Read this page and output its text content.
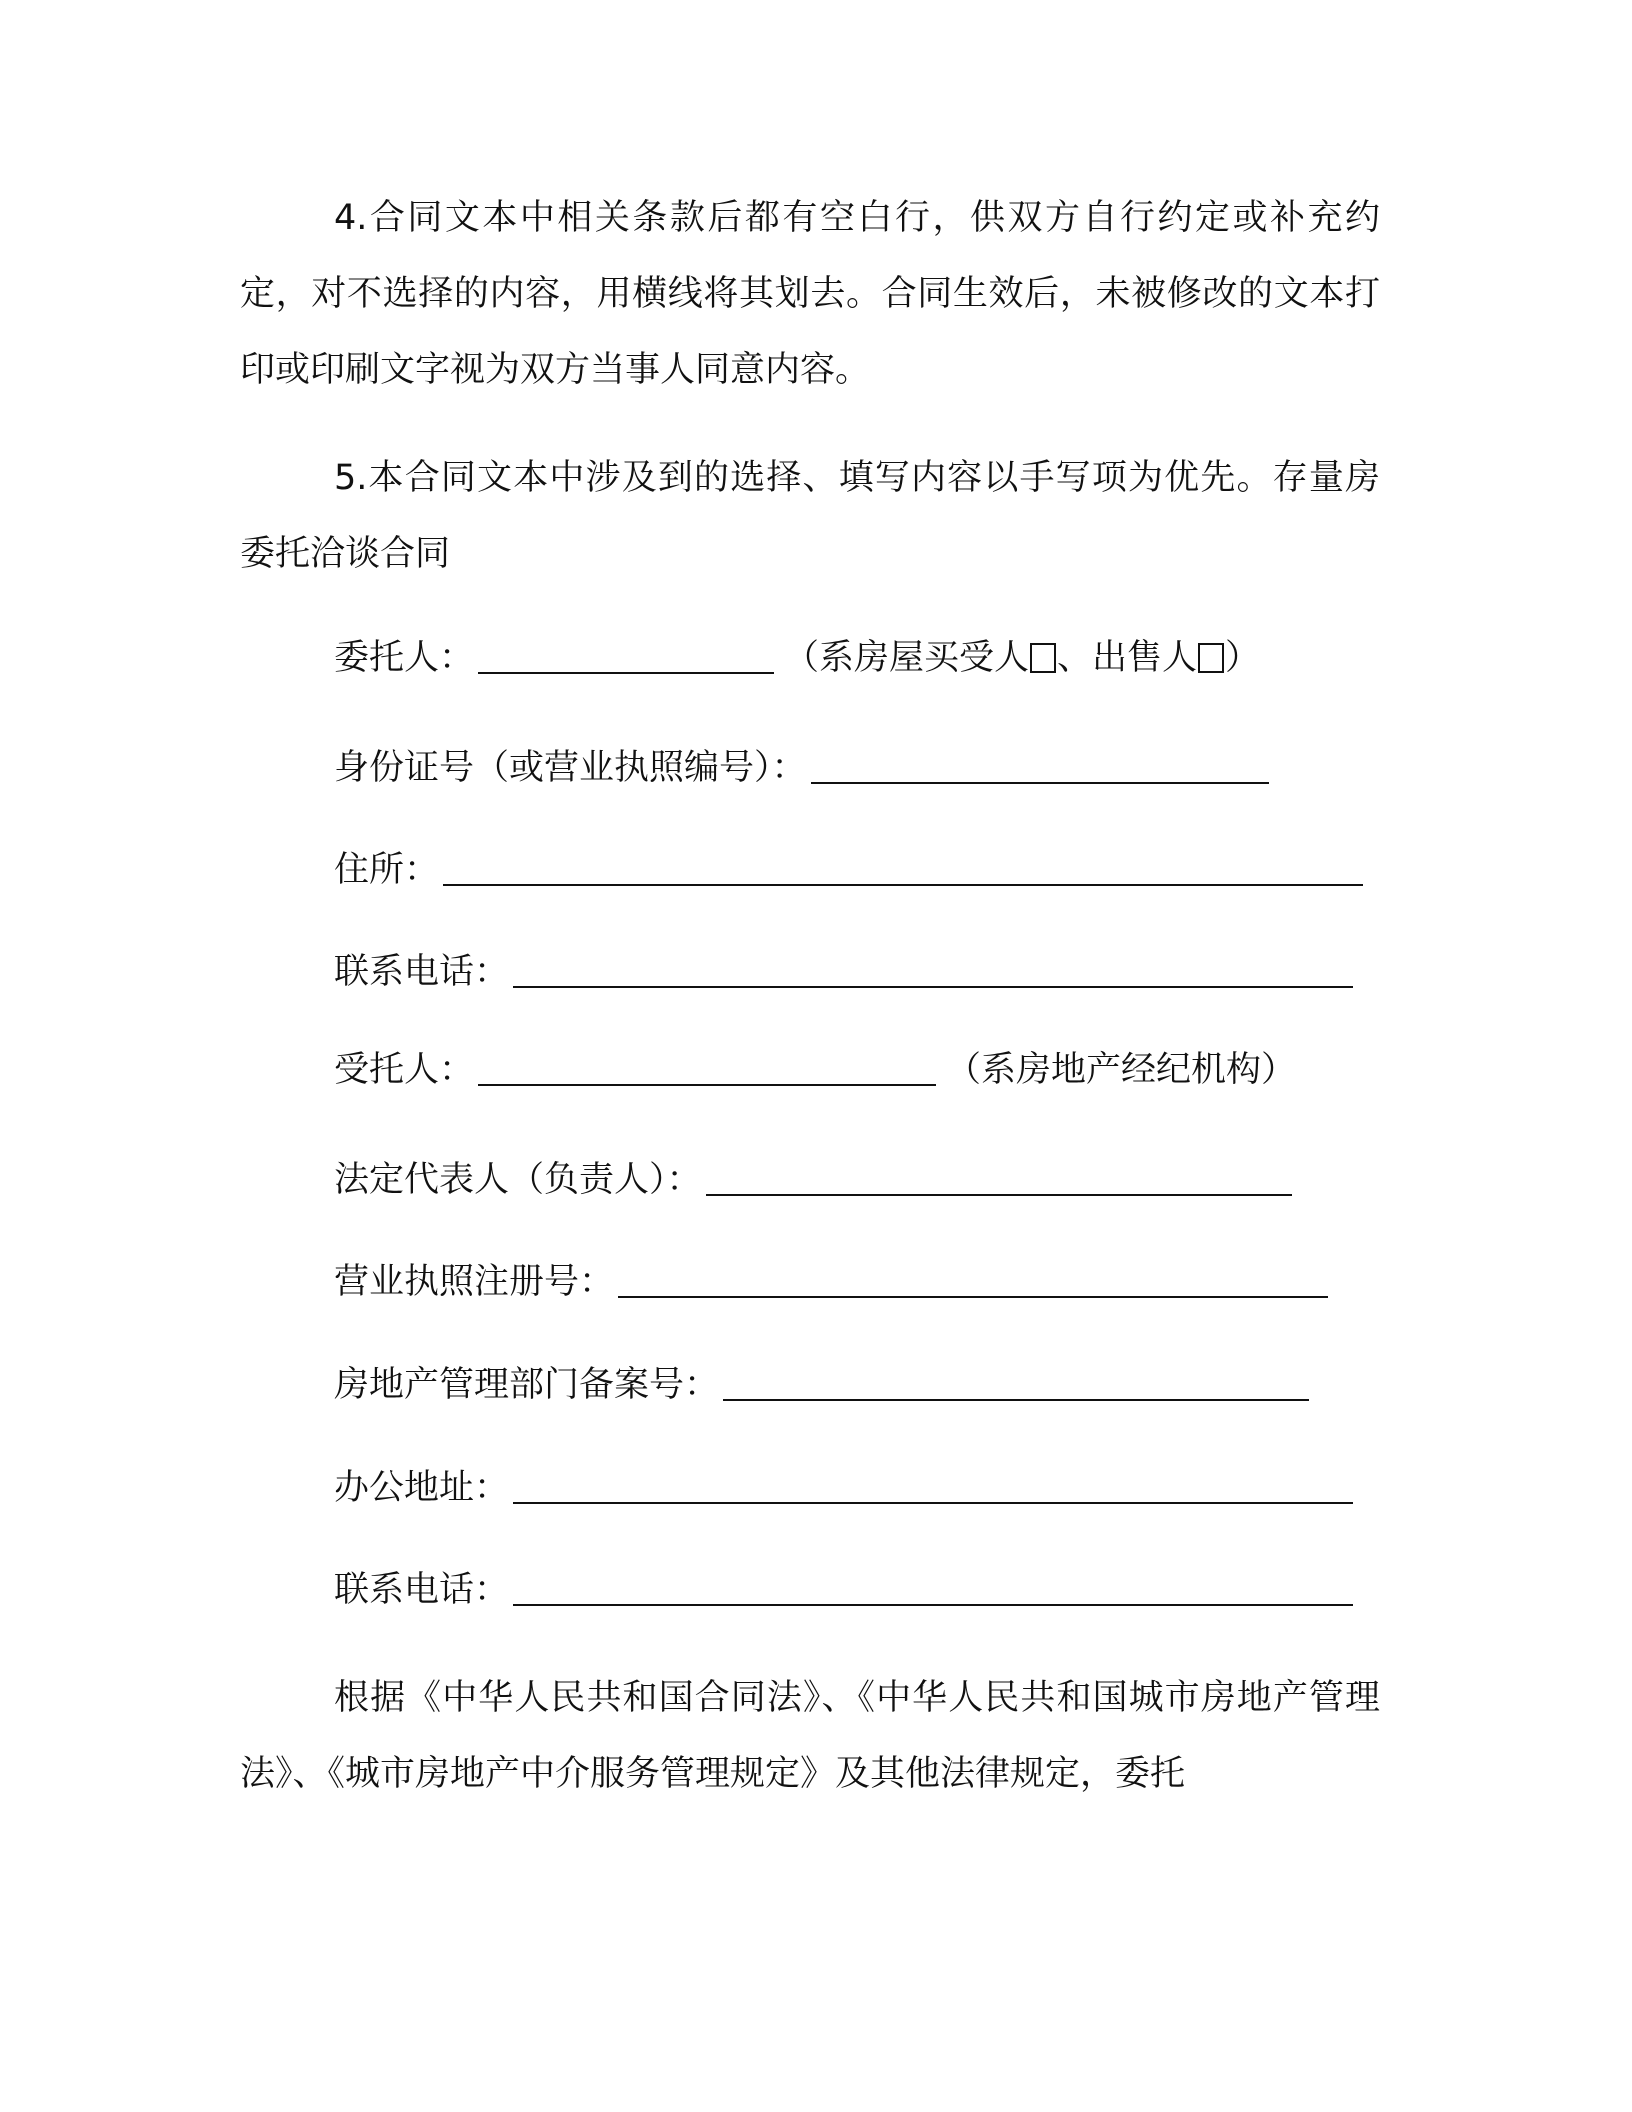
4.合同文本中相关条款后都有空白行，供双方自行约定或补充约定，对不选择的内容，用横线将其划去。合同生效后，未被修改的文本打印或印刷文字视为双方当事人同意内容。

5.本合同文本中涉及到的选择、填写内容以手写项为优先。存量房委托洽谈合同

委托人：	（系房屋买受人 、出售人 ）
身份证号（或营业执照编号）：
住所：
联系电话：
受托人：	（系房地产经纪机构）
法定代表人（负责人）：
营业执照注册号：
房地产管理部门备案号：
办公地址：
联系电话：

根据《中华人民共和国合同法》、《中华人民共和国城市房地产管理法》、《城市房地产中介服务管理规定》及其他法律规定，委托
